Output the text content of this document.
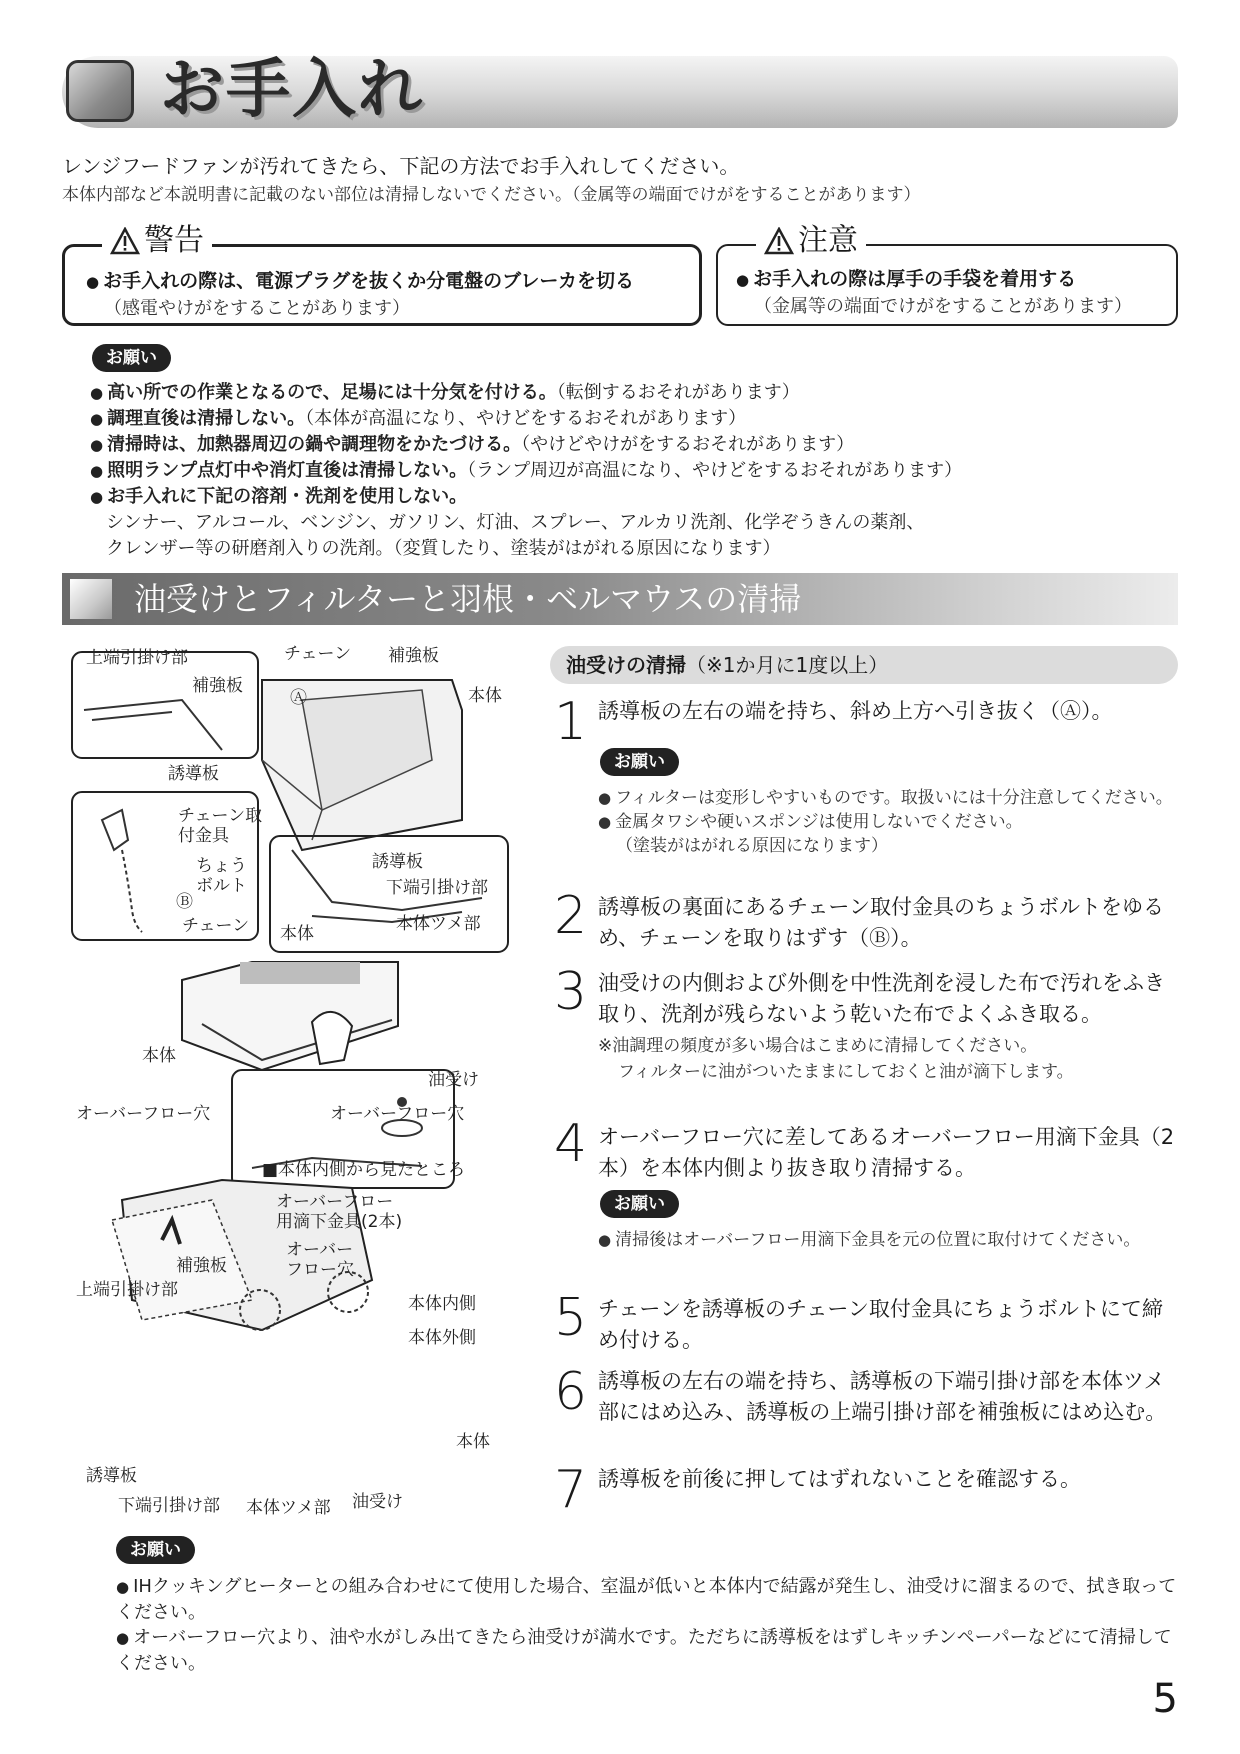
お手入れ
レンジフードファンが汚れてきたら、下記の方法でお手入れしてください。
本体内部など本説明書に記載のない部位は清掃しないでください。（金属等の端面でけがをすることがあります）
警告
● お手入れの際は、電源プラグを抜くか分電盤のブレーカを切る
（感電やけがをすることがあります）
注意
● お手入れの際は厚手の手袋を着用する
（金属等の端面でけがをすることがあります）
お願い
● 高い所での作業となるので、足場には十分気を付ける。（転倒するおそれがあります）
● 調理直後は清掃しない。（本体が高温になり、やけどをするおそれがあります）
● 清掃時は、加熱器周辺の鍋や調理物をかたづける。（やけどやけがをするおそれがあります）
● 照明ランプ点灯中や消灯直後は清掃しない。（ランプ周辺が高温になり、やけどをするおそれがあります）
● お手入れに下記の溶剤・洗剤を使用しない。
シンナー、アルコール、ベンジン、ガソリン、灯油、スプレー、アルカリ洗剤、化学ぞうきんの薬剤、
クレンザー等の研磨剤入りの洗剤。（変質したり、塗装がはがれる原因になります）
油受けとフィルターと羽根・ベルマウスの清掃
上端引掛け部
補強板
チェーン 補強板
本体
Ⓐ
誘導板
チェーン取付金具
ちょうボルト
Ⓑ
チェーン
誘導板
下端引掛け部
本体	本体ツメ部
本体
油受け
オーバーフロー穴	オーバーフロー穴
■本体内側から見たところ
オーバーフロー用滴下金具(2本)
オーバーフロー穴
補強板
上端引掛け部
本体内側
本体外側
本体
誘導板
下端引掛け部 本体ツメ部 油受け
油受けの清掃（※1か月に1度以上）
1 誘導板の左右の端を持ち、斜め上方へ引き抜く（Ⓐ）。
お願い
● フィルターは変形しやすいものです。取扱いには十分注意してください。
● 金属タワシや硬いスポンジは使用しないでください。
（塗装がはがれる原因になります）
2 誘導板の裏面にあるチェーン取付金具のちょうボルトをゆるめ、チェーンを取りはずす（Ⓑ）。
3 油受けの内側および外側を中性洗剤を浸した布で汚れをふき取り、洗剤が残らないよう乾いた布でよくふき取る。
※油調理の頻度が多い場合はこまめに清掃してください。
フィルターに油がついたままにしておくと油が滴下します。
4 オーバーフロー穴に差してあるオーバーフロー用滴下金具（2本）を本体内側より抜き取り清掃する。
お願い
● 清掃後はオーバーフロー用滴下金具を元の位置に取付けてください。
5 チェーンを誘導板のチェーン取付金具にちょうボルトにて締め付ける。
6 誘導板の左右の端を持ち、誘導板の下端引掛け部を本体ツメ部にはめ込み、誘導板の上端引掛け部を補強板にはめ込む。
7 誘導板を前後に押してはずれないことを確認する。
お願い
● IHクッキングヒーターとの組み合わせにて使用した場合、室温が低いと本体内で結露が発生し、油受けに溜まるので、拭き取ってください。
● オーバーフロー穴より、油や水がしみ出てきたら油受けが満水です。ただちに誘導板をはずしキッチンペーパーなどにて清掃してください。
5
